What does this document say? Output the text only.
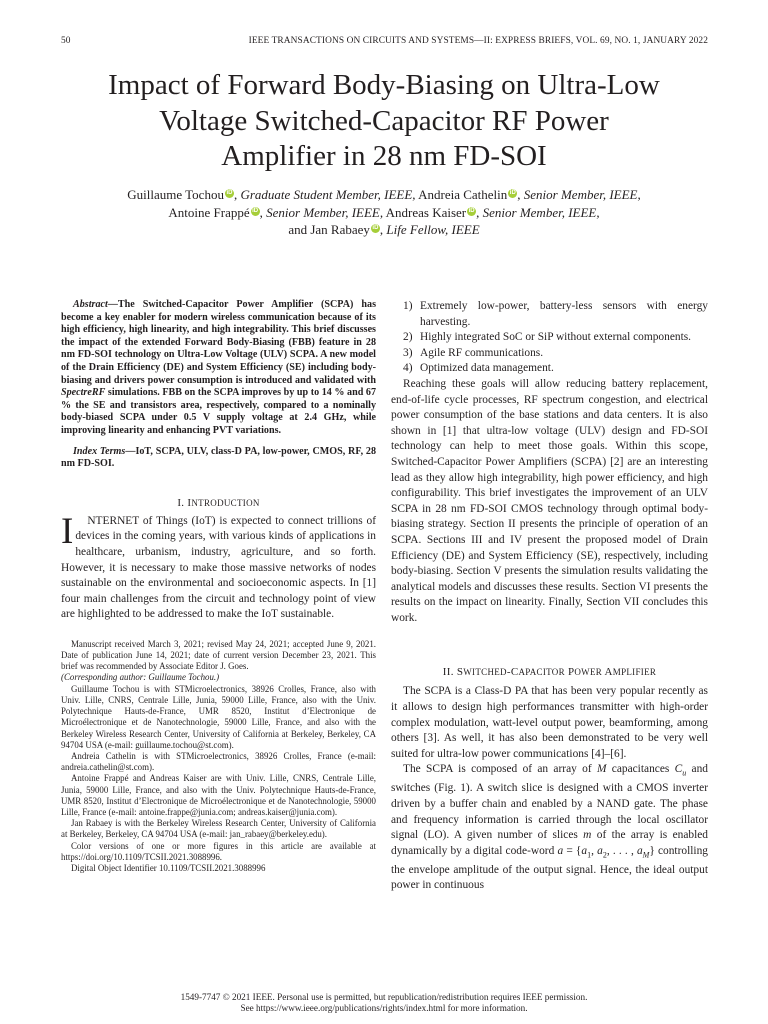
50	IEEE TRANSACTIONS ON CIRCUITS AND SYSTEMS—II: EXPRESS BRIEFS, VOL. 69, NO. 1, JANUARY 2022
Impact of Forward Body-Biasing on Ultra-Low
Voltage Switched-Capacitor RF Power
Amplifier in 28 nm FD-SOI
Guillaume Tochou iD , Graduate Student Member, IEEE, Andreia Cathelin iD , Senior Member, IEEE,
Antoine Frappé iD , Senior Member, IEEE, Andreas Kaiser iD , Senior Member, IEEE,
and Jan Rabaey iD , Life Fellow, IEEE

Abstract—The Switched-Capacitor Power Amplifier (SCPA) has become a key enabler for modern wireless communication because of its high efficiency, high linearity, and high integrability. This brief discusses the impact of the extended Forward Body-Biasing (FBB) feature in 28 nm FD-SOI technology on Ultra-Low Voltage (ULV) SCPA. A new model of the Drain Efficiency (DE) and System Efficiency (SE) including body-biasing and drivers power consumption is introduced and validated with SpectreRF simulations. FBB on the SCPA improves by up to 14 % and 67 % the SE and transistors area, respectively, compared to a nominally body-biased SCPA under 0.5 V supply voltage at 2.4 GHz, while improving linearity and enhancing PVT variations.

Index Terms—IoT, SCPA, ULV, class-D PA, low-power, CMOS, RF, 28 nm FD-SOI.

I. INTRODUCTION

I NTERNET of Things (IoT) is expected to connect trillions of devices in the coming years, with various kinds of applications in healthcare, urbanism, industry, agriculture, and so forth. However, it is necessary to make those massive networks of nodes sustainable on the environmental and socioeconomic aspects. In [1] four main challenges from the circuit and technology point of view are highlighted to be addressed to make the IoT sustainable.

Manuscript received March 3, 2021; revised May 24, 2021; accepted June 9, 2021. Date of publication June 14, 2021; date of current version December 23, 2021. This brief was recommended by Associate Editor J. Goes.

(Corresponding author: Guillaume Tochou.)

Guillaume Tochou is with STMicroelectronics, 38926 Crolles, France, also with Univ. Lille, CNRS, Centrale Lille, Junia, 59000 Lille, France, also with the Univ. Polytechnique Hauts-de-France, UMR 8520, Institut d’Electronique de Microélectronique et de Nanotechnologie, 59000 Lille, France, and also with the Berkeley Wireless Research Center, University of California at Berkeley, Berkeley, CA 94704 USA (e-mail: guillaume.tochou@st.com).

Andreia Cathelin is with STMicroelectronics, 38926 Crolles, France (e-mail: andreia.cathelin@st.com).

Antoine Frappé and Andreas Kaiser are with Univ. Lille, CNRS, Centrale Lille, Junia, 59000 Lille, France, and also with the Univ. Polytechnique Hauts-de-France, UMR 8520, Institut d’Electronique de Microélectronique et de Nanotechnologie, 59000 Lille, France (e-mail: antoine.frappe@junia.com; andreas.kaiser@junia.com).

Jan Rabaey is with the Berkeley Wireless Research Center, University of California at Berkeley, Berkeley, CA 94704 USA (e-mail: jan_rabaey@berkeley.edu).

Color versions of one or more figures in this article are available at https://doi.org/10.1109/TCSII.2021.3088996.

Digital Object Identifier 10.1109/TCSII.2021.3088996

1) Extremely low-power, battery-less sensors with energy harvesting.
2) Highly integrated SoC or SiP without external components.
3) Agile RF communications.
4) Optimized data management.

Reaching these goals will allow reducing battery replacement, end-of-life cycle processes, RF spectrum congestion, and electrical power consumption of the base stations and data centers. It is also shown in [1] that ultra-low voltage (ULV) design and FD-SOI technology can help to meet those goals. Within this scope, Switched-Capacitor Power Amplifiers (SCPA) [2] are an interesting lead as they allow high integrability, high power efficiency, and high configurability. This brief investigates the improvement of an ULV SCPA in 28 nm FD-SOI CMOS technology through optimal body-biasing strategy. Section II presents the principle of operation of an SCPA. Sections III and IV present the proposed model of Drain Efficiency (DE) and System Efficiency (SE), respectively, including body-biasing. Section V presents the simulation results validating the analytical models and discusses these results. Section VI presents the results on the impact on linearity. Finally, Section VII concludes this work.

II. SWITCHED-CAPACITOR POWER AMPLIFIER

The SCPA is a Class-D PA that has been very popular recently as it allows to design high performances transmitter with high-order complex modulation, watt-level output power, beamforming, among others [3]. As well, it has also been demonstrated to be very well suited for ultra-low power communications [4]–[6].

The SCPA is composed of an array of M capacitances $C_u$ and switches (Fig. 1). A switch slice is designed with a CMOS inverter driven by a buffer chain and enabled by a NAND gate. The phase and frequency information is carried through the local oscillator signal (LO). A given number of slices m of the array is enabled dynamically by a digital code-word $a = \{a_1$, $a_2$, . . . , $a_M$} controlling the envelope amplitude of the output signal. Hence, the ideal output power in continuous

1549-7747 © 2021 IEEE. Personal use is permitted, but republication/redistribution requires IEEE permission.
See https://www.ieee.org/publications/rights/index.html for more information.
